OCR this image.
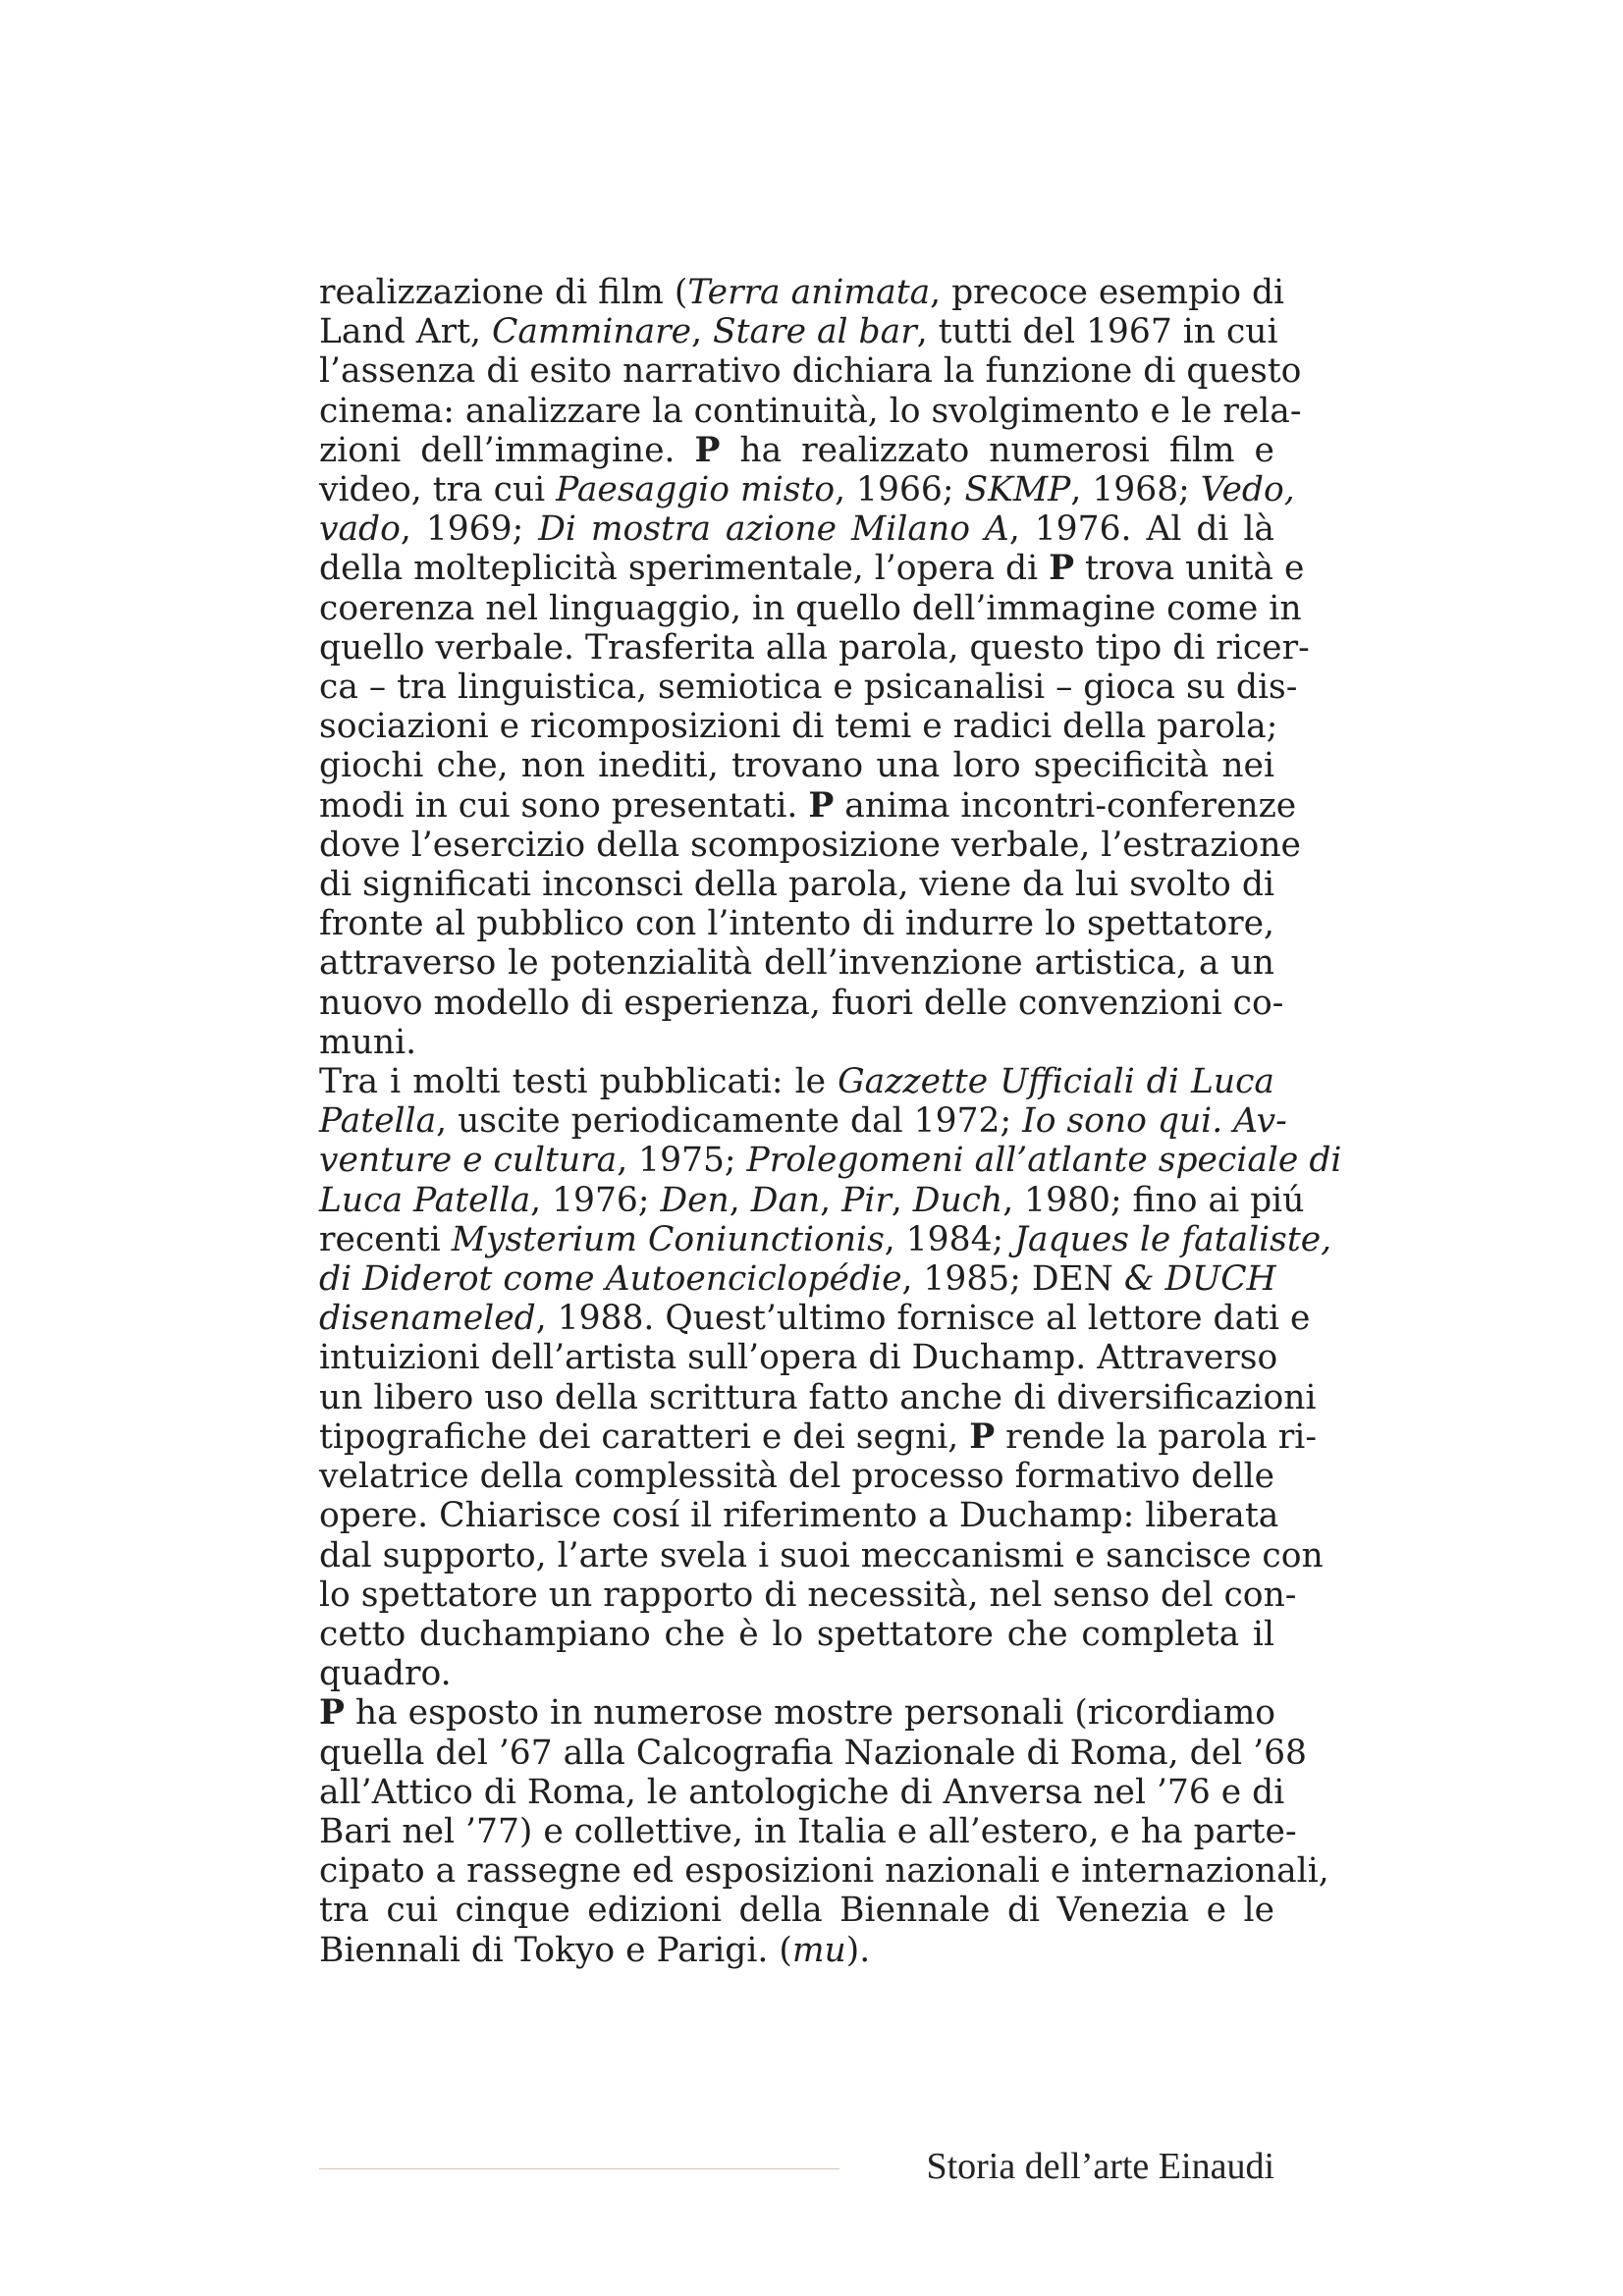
realizzazione di film (Terra animata, precoce esempio di
Land Art, Camminare, Stare al bar, tutti del 1967 in cui
l’assenza di esito narrativo dichiara la funzione di questo
cinema: analizzare la continuità, lo svolgimento e le rela-
zioni dell’immagine. P ha realizzato numerosi film e
video, tra cui Paesaggio misto, 1966; SKMP, 1968; Vedo,
vado, 1969; Di mostra azione Milano A, 1976. Al di là
della molteplicità sperimentale, l’opera di P trova unità e
coerenza nel linguaggio, in quello dell’immagine come in
quello verbale. Trasferita alla parola, questo tipo di ricer-
ca – tra linguistica, semiotica e psicanalisi – gioca su dis-
sociazioni e ricomposizioni di temi e radici della parola;
giochi che, non inediti, trovano una loro specificità nei
modi in cui sono presentati. P anima incontri-conferenze
dove l’esercizio della scomposizione verbale, l’estrazione
di significati inconsci della parola, viene da lui svolto di
fronte al pubblico con l’intento di indurre lo spettatore,
attraverso le potenzialità dell’invenzione artistica, a un
nuovo modello di esperienza, fuori delle convenzioni co-
muni.
Tra i molti testi pubblicati: le Gazzette Ufficiali di Luca
Patella, uscite periodicamente dal 1972; Io sono qui. Av-
venture e cultura, 1975; Prolegomeni all’atlante speciale di
Luca Patella, 1976; Den, Dan, Pir, Duch, 1980; fino ai piú
recenti Mysterium Coniunctionis, 1984; Jaques le fataliste,
di Diderot come Autoenciclopédie, 1985; DEN & DUCH
disenameled, 1988. Quest’ultimo fornisce al lettore dati e
intuizioni dell’artista sull’opera di Duchamp. Attraverso
un libero uso della scrittura fatto anche di diversificazioni
tipografiche dei caratteri e dei segni, P rende la parola ri-
velatrice della complessità del processo formativo delle
opere. Chiarisce cosí il riferimento a Duchamp: liberata
dal supporto, l’arte svela i suoi meccanismi e sancisce con
lo spettatore un rapporto di necessità, nel senso del con-
cetto duchampiano che è lo spettatore che completa il
quadro.
P ha esposto in numerose mostre personali (ricordiamo
quella del ’67 alla Calcografia Nazionale di Roma, del ’68
all’Attico di Roma, le antologiche di Anversa nel ’76 e di
Bari nel ’77) e collettive, in Italia e all’estero, e ha parte-
cipato a rassegne ed esposizioni nazionali e internazionali,
tra cui cinque edizioni della Biennale di Venezia e le
Biennali di Tokyo e Parigi. (mu).
Storia dell’arte Einaudi
